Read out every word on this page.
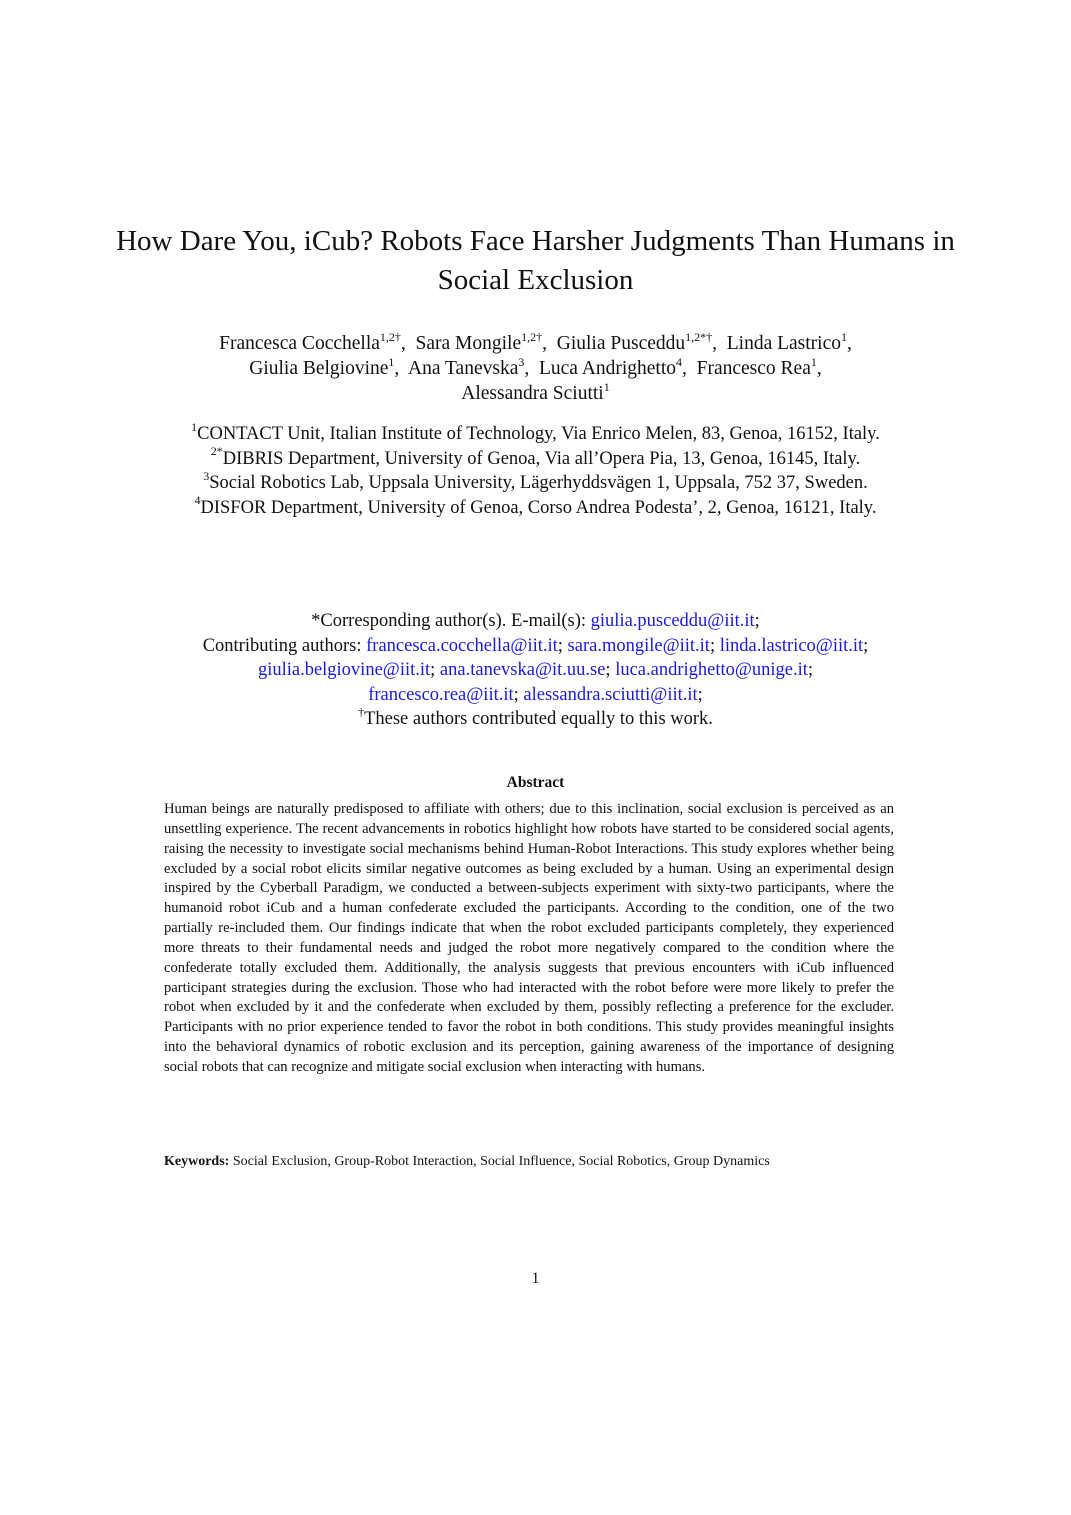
How Dare You, iCub? Robots Face Harsher Judgments Than Humans in Social Exclusion
Francesca Cocchella$^{1,2\dagger}$, Sara Mongile$^{1,2\dagger}$, Giulia Pusceddu$^{1,2*\dagger}$, Linda Lastrico$^1$,
Giulia Belgiovine$^1$, Ana Tanevska$^3$, Luca Andrighetto$^4$, Francesco Rea$^1$,
Alessandra Sciutti$^1$
$^1$CONTACT Unit, Italian Institute of Technology, Via Enrico Melen, 83, Genoa, 16152, Italy.
$^{2*}$DIBRIS Department, University of Genoa, Via all’Opera Pia, 13, Genoa, 16145, Italy.
$^3$Social Robotics Lab, Uppsala University, Lägerhyddsvägen 1, Uppsala, 752 37, Sweden.
$^4$DISFOR Department, University of Genoa, Corso Andrea Podesta’, 2, Genoa, 16121, Italy.
*Corresponding author(s). E-mail(s): giulia.pusceddu@iit.it;
Contributing authors: francesca.cocchella@iit.it; sara.mongile@iit.it; linda.lastrico@iit.it;
giulia.belgiovine@iit.it; ana.tanevska@it.uu.se; luca.andrighetto@unige.it;
francesco.rea@iit.it; alessandra.sciutti@iit.it;
†These authors contributed equally to this work.
Abstract

Human beings are naturally predisposed to affiliate with others; due to this inclination, social exclusion is perceived as an unsettling experience. The recent advancements in robotics highlight how robots have started to be considered social agents, raising the necessity to investigate social mechanisms behind Human-Robot Interactions. This study explores whether being excluded by a social robot elicits similar negative outcomes as being excluded by a human. Using an experimental design inspired by the Cyberball Paradigm, we conducted a between-subjects experiment with sixty-two participants, where the humanoid robot iCub and a human confederate excluded the participants. According to the condition, one of the two partially re-included them. Our findings indicate that when the robot excluded participants completely, they experienced more threats to their fundamental needs and judged the robot more negatively compared to the condition where the confederate totally excluded them. Additionally, the analysis suggests that previous encounters with iCub influenced participant strategies during the exclusion. Those who had interacted with the robot before were more likely to prefer the robot when excluded by it and the confederate when excluded by them, possibly reflecting a preference for the excluder. Participants with no prior experience tended to favor the robot in both conditions. This study provides meaningful insights into the behavioral dynamics of robotic exclusion and its perception, gaining awareness of the importance of designing social robots that can recognize and mitigate social exclusion when interacting with humans.

Keywords: Social Exclusion, Group-Robot Interaction, Social Influence, Social Robotics, Group Dynamics

1
